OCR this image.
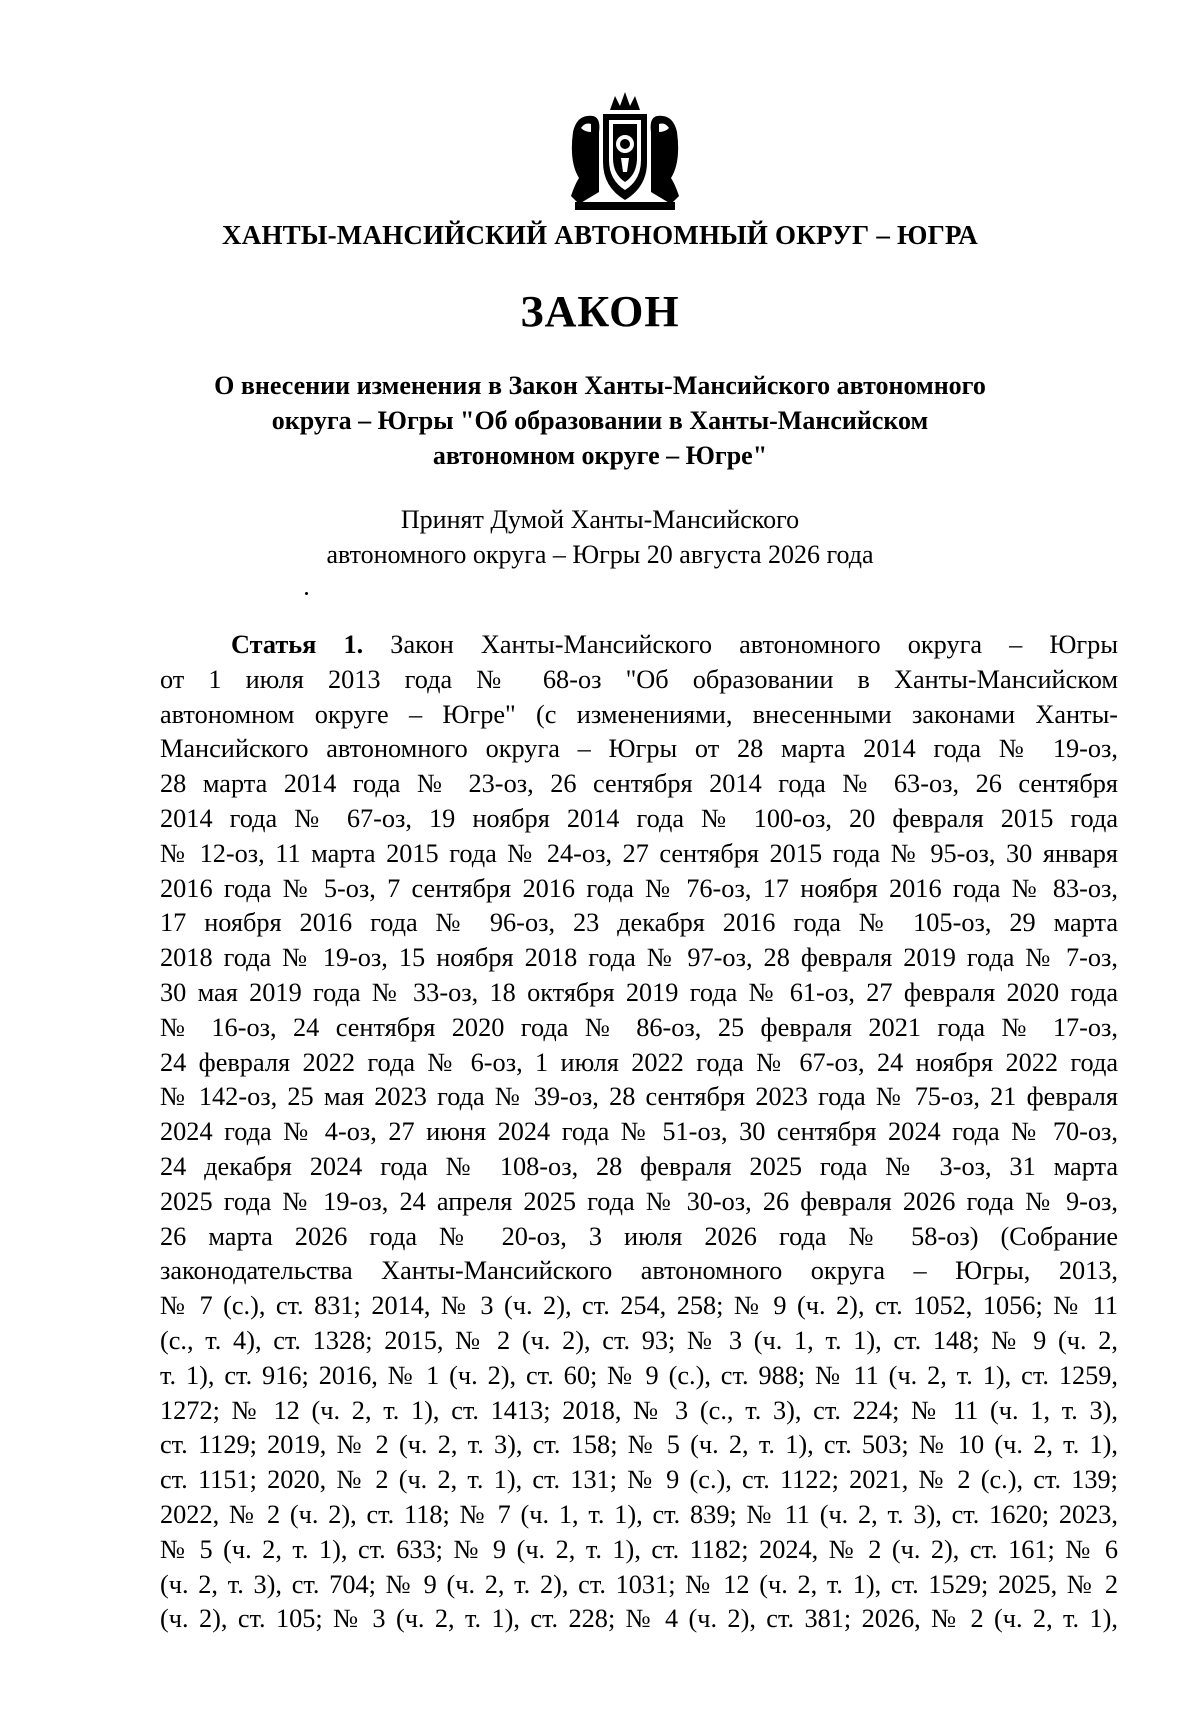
ХАНТЫ-МАНСИЙСКИЙ АВТОНОМНЫЙ ОКРУГ – ЮГРА
ЗАКОН
О внесении изменения в Закон Ханты-Мансийского автономного
округа – Югры "Об образовании в Ханты-Мансийском
автономном округе – Югре"
Принят Думой Ханты-Мансийского
автономного округа – Югры 20 августа 2026 года
Статья 1. Закон Ханты-Мансийского автономного округа – Югры
от 1 июля 2013 года № 68-оз "Об образовании в Ханты-Мансийском
автономном округе – Югре" (с изменениями, внесенными законами Ханты-
Мансийского автономного округа – Югры от 28 марта 2014 года № 19-оз,
28 марта 2014 года № 23-оз, 26 сентября 2014 года № 63-оз, 26 сентября
2014 года № 67-оз, 19 ноября 2014 года № 100-оз, 20 февраля 2015 года
№ 12-оз, 11 марта 2015 года № 24-оз, 27 сентября 2015 года № 95-оз, 30 января
2016 года № 5-оз, 7 сентября 2016 года № 76-оз, 17 ноября 2016 года № 83-оз,
17 ноября 2016 года № 96-оз, 23 декабря 2016 года № 105-оз, 29 марта
2018 года № 19-оз, 15 ноября 2018 года № 97-оз, 28 февраля 2019 года № 7-оз,
30 мая 2019 года № 33-оз, 18 октября 2019 года № 61-оз, 27 февраля 2020 года
№ 16-оз, 24 сентября 2020 года № 86-оз, 25 февраля 2021 года № 17-оз,
24 февраля 2022 года № 6-оз, 1 июля 2022 года № 67-оз, 24 ноября 2022 года
№ 142-оз, 25 мая 2023 года № 39-оз, 28 сентября 2023 года № 75-оз, 21 февраля
2024 года № 4-оз, 27 июня 2024 года № 51-оз, 30 сентября 2024 года № 70-оз,
24 декабря 2024 года № 108-оз, 28 февраля 2025 года № 3-оз, 31 марта
2025 года № 19-оз, 24 апреля 2025 года № 30-оз, 26 февраля 2026 года № 9-оз,
26 марта 2026 года № 20-оз, 3 июля 2026 года № 58-оз) (Собрание
законодательства Ханты-Мансийского автономного округа – Югры, 2013,
№ 7 (с.), ст. 831; 2014, № 3 (ч. 2), ст. 254, 258; № 9 (ч. 2), ст. 1052, 1056; № 11
(с., т. 4), ст. 1328; 2015, № 2 (ч. 2), ст. 93; № 3 (ч. 1, т. 1), ст. 148; № 9 (ч. 2,
т. 1), ст. 916; 2016, № 1 (ч. 2), ст. 60; № 9 (с.), ст. 988; № 11 (ч. 2, т. 1), ст. 1259,
1272; № 12 (ч. 2, т. 1), ст. 1413; 2018, № 3 (с., т. 3), ст. 224; № 11 (ч. 1, т. 3),
ст. 1129; 2019, № 2 (ч. 2, т. 3), ст. 158; № 5 (ч. 2, т. 1), ст. 503; № 10 (ч. 2, т. 1),
ст. 1151; 2020, № 2 (ч. 2, т. 1), ст. 131; № 9 (с.), ст. 1122; 2021, № 2 (с.), ст. 139;
2022, № 2 (ч. 2), ст. 118; № 7 (ч. 1, т. 1), ст. 839; № 11 (ч. 2, т. 3), ст. 1620; 2023,
№ 5 (ч. 2, т. 1), ст. 633; № 9 (ч. 2, т. 1), ст. 1182; 2024, № 2 (ч. 2), ст. 161; № 6
(ч. 2, т. 3), ст. 704; № 9 (ч. 2, т. 2), ст. 1031; № 12 (ч. 2, т. 1), ст. 1529; 2025, № 2
(ч. 2), ст. 105; № 3 (ч. 2, т. 1), ст. 228; № 4 (ч. 2), ст. 381; 2026, № 2 (ч. 2, т. 1),
